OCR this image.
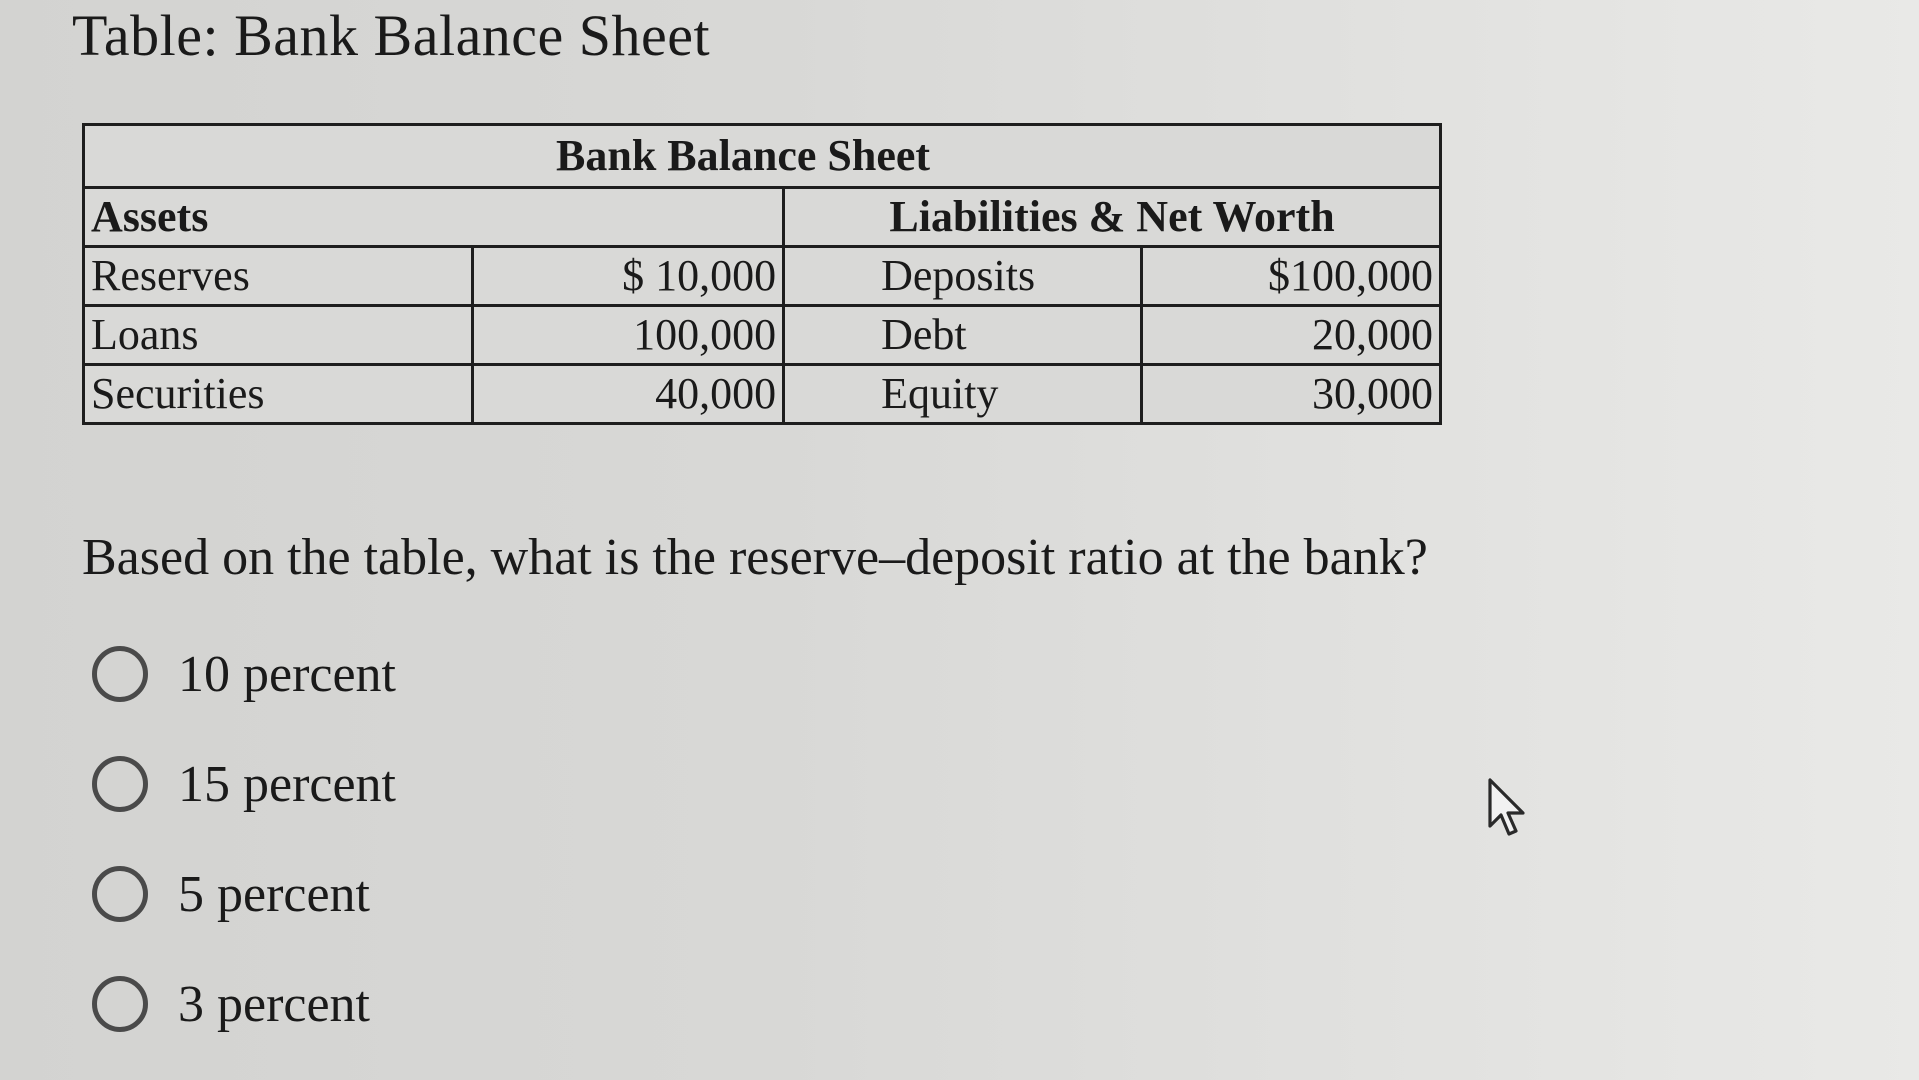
Table: Bank Balance Sheet
Bank Balance Sheet			
Assets		Liabilities & Net Worth	
Reserves	$ 10,000	Deposits	$100,000
Loans	100,000	Debt	20,000
Securities	40,000	Equity	30,000
Based on the table, what is the reserve–deposit ratio at the bank?
10 percent
15 percent
5 percent
3 percent
